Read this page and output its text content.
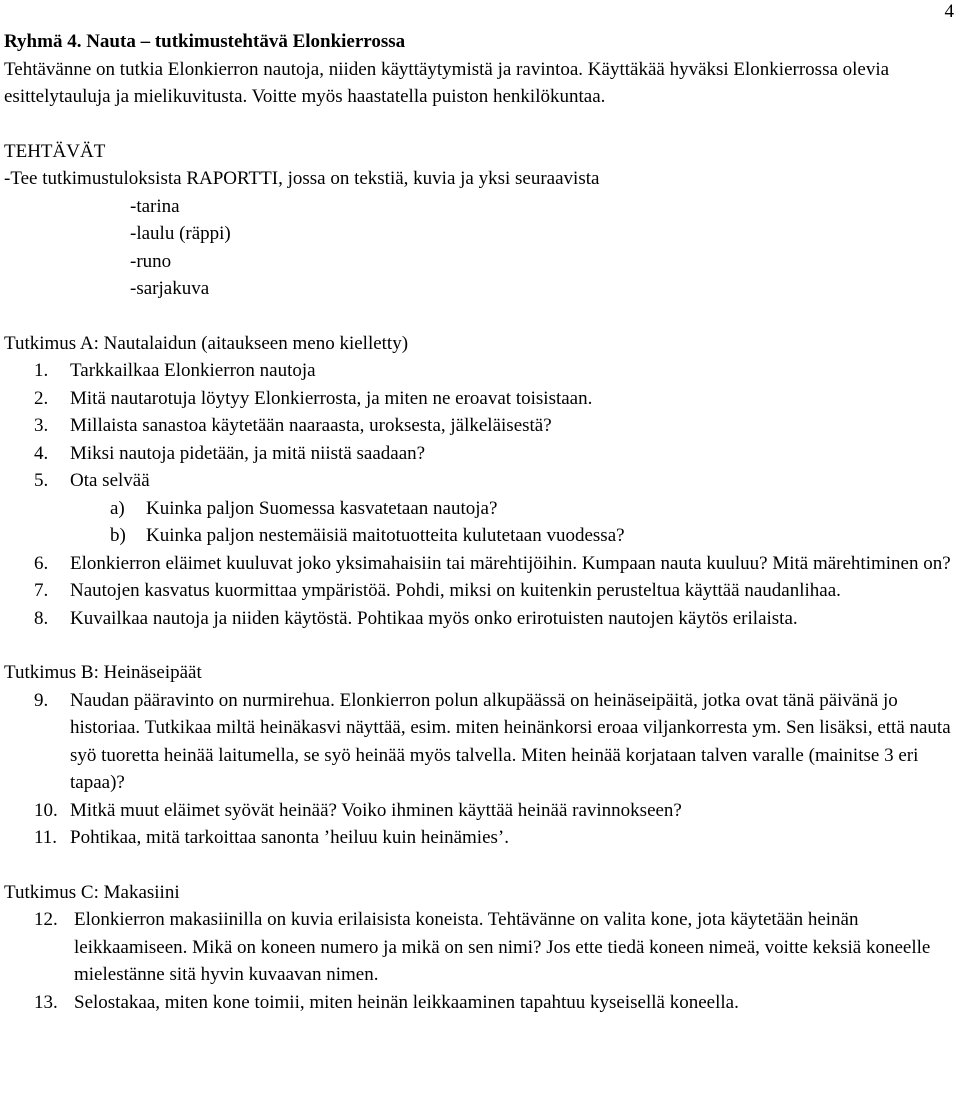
4

Ryhmä 4. Nauta – tutkimustehtävä Elonkierrossa

Tehtävänne on tutkia Elonkierron nautoja, niiden käyttäytymistä ja ravintoa. Käyttäkää hyväksi Elonkierrossa olevia esittelytauluja ja mielikuvitusta. Voitte myös haastatella puiston henkilökuntaa.

TEHTÄVÄT

-Tee tutkimustuloksista RAPORTTI, jossa on tekstiä, kuvia ja yksi seuraavista

-tarina

-laulu (räppi)

-runo

-sarjakuva

Tutkimus A: Nautalaidun (aitaukseen meno kielletty)

1. Tarkkailkaa Elonkierron nautoja
2. Mitä nautarotuja löytyy Elonkierrosta, ja miten ne eroavat toisistaan.
3. Millaista sanastoa käytetään naaraasta, uroksesta, jälkeläisestä?
4. Miksi nautoja pidetään, ja mitä niistä saadaan?
5. Ota selvää
a) Kuinka paljon Suomessa kasvatetaan nautoja?
b) Kuinka paljon nestemäisiä maitotuotteita kulutetaan vuodessa?
6. Elonkierron eläimet kuuluvat joko yksimahaisiin tai märehtijöihin. Kumpaan nauta kuuluu? Mitä märehtiminen on?
7. Nautojen kasvatus kuormittaa ympäristöä. Pohdi, miksi on kuitenkin perusteltua käyttää naudanlihaa.
8. Kuvailkaa nautoja ja niiden käytöstä. Pohtikaa myös onko erirotuisten nautojen käytös erilaista.

Tutkimus B: Heinäseipäät

9. Naudan pääravinto on nurmirehua. Elonkierron polun alkupäässä on heinäseipäitä, jotka ovat tänä päivänä jo historiaa. Tutkikaa miltä heinäkasvi näyttää, esim. miten heinänkorsi eroaa viljankorresta ym. Sen lisäksi, että nauta syö tuoretta heinää laitumella, se syö heinää myös talvella. Miten heinää korjataan talven varalle (mainitse 3 eri tapaa)?
10. Mitkä muut eläimet syövät heinää? Voiko ihminen käyttää heinää ravinnokseen?
11. Pohtikaa, mitä tarkoittaa sanonta ’heiluu kuin heinämies’.

Tutkimus C: Makasiini

12. Elonkierron makasiinilla on kuvia erilaisista koneista. Tehtävänne on valita kone, jota käytetään heinän leikkaamiseen. Mikä on koneen numero ja mikä on sen nimi? Jos ette tiedä koneen nimeä, voitte keksiä koneelle mielestänne sitä hyvin kuvaavan nimen.
13. Selostakaa, miten kone toimii, miten heinän leikkaaminen tapahtuu kyseisellä koneella.
